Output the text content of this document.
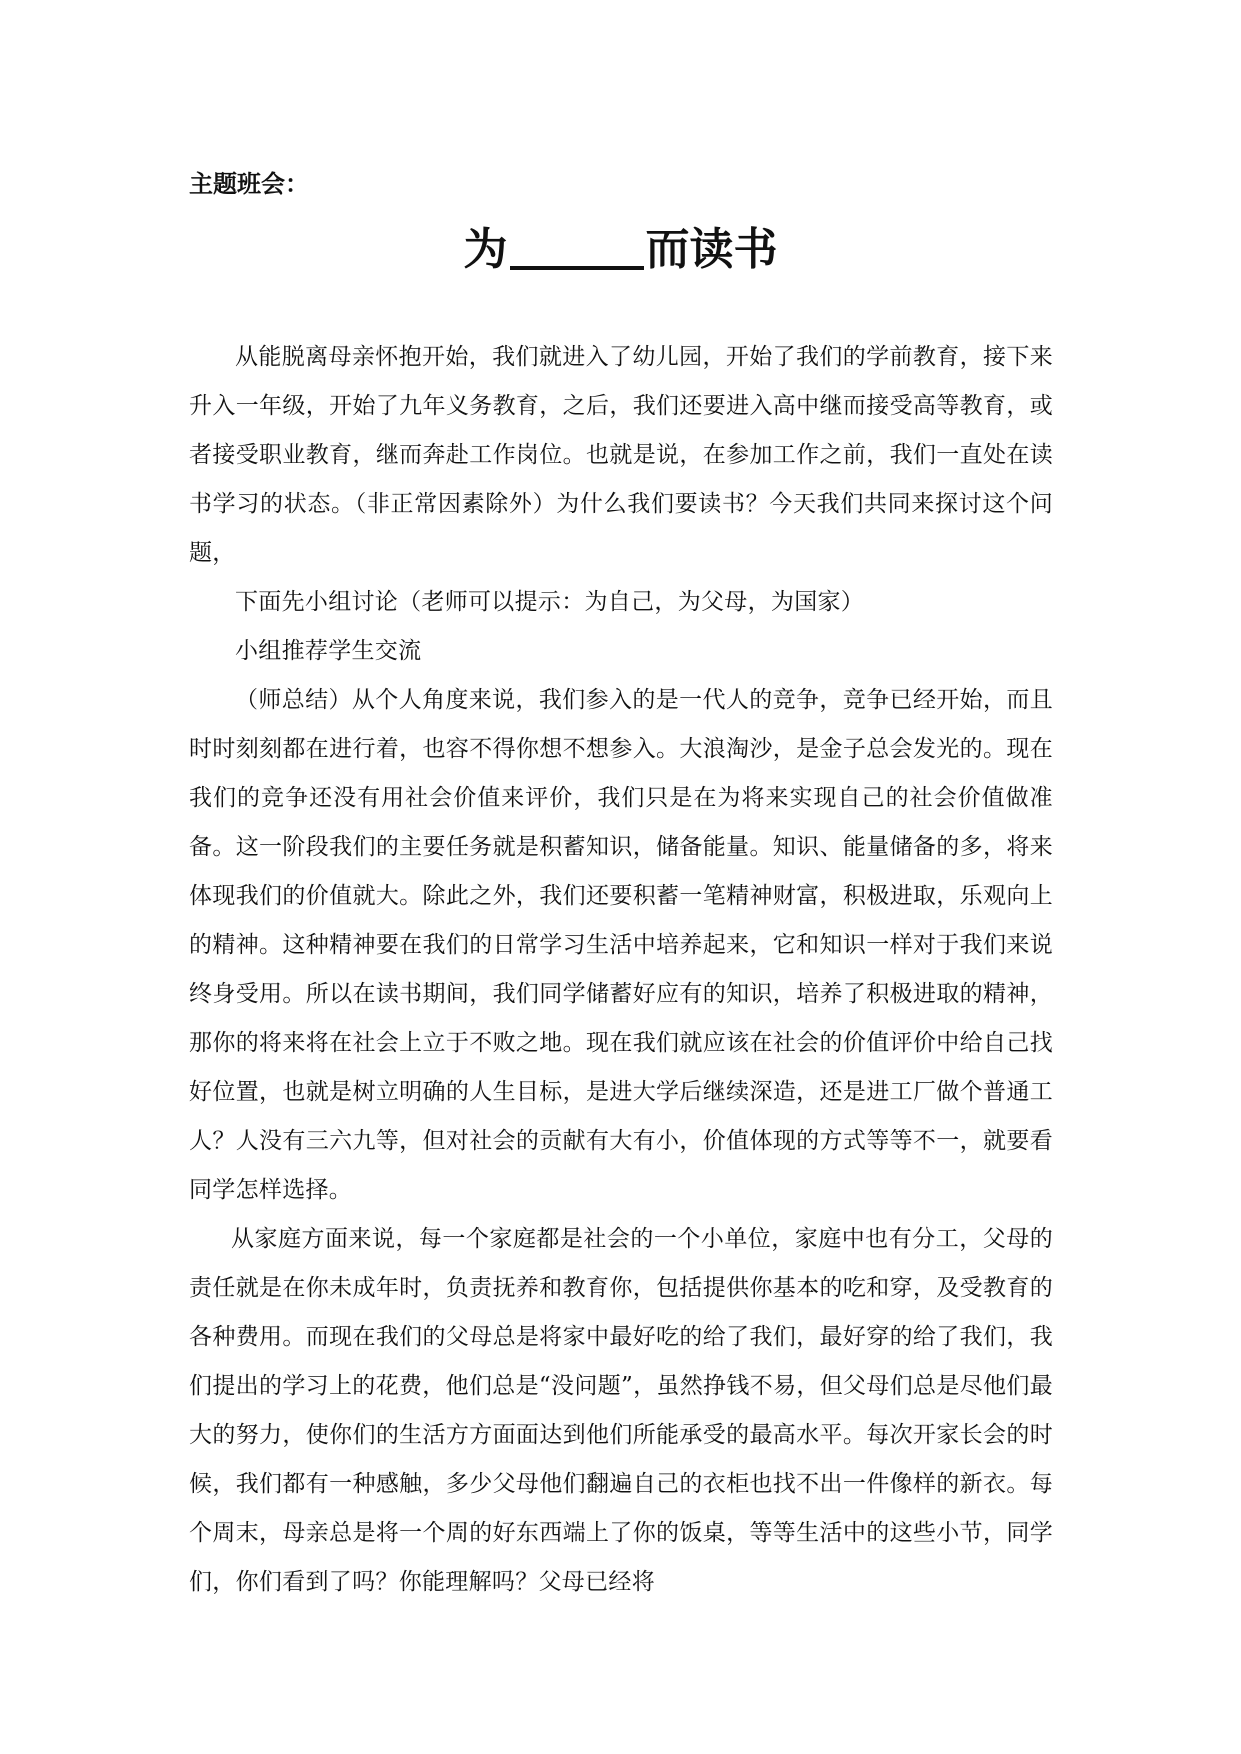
主题班会：
为	而读书

从能脱离母亲怀抱开始，我们就进入了幼儿园，开始了我们的学前教育，接下来升入一年级，开始了九年义务教育，之后，我们还要进入高中继而接受高等教育，或者接受职业教育，继而奔赴工作岗位。也就是说，在参加工作之前，我们一直处在读书学习的状态。（非正常因素除外）为什么我们要读书？今天我们共同来探讨这个问题，

下面先小组讨论（老师可以提示：为自己，为父母，为国家）

小组推荐学生交流

（师总结）从个人角度来说，我们参入的是一代人的竞争，竞争已经开始，而且时时刻刻都在进行着，也容不得你想不想参入。大浪淘沙，是金子总会发光的。现在我们的竞争还没有用社会价值来评价，我们只是在为将来实现自己的社会价值做准备。这一阶段我们的主要任务就是积蓄知识，储备能量。知识、能量储备的多，将来体现我们的价值就大。除此之外，我们还要积蓄一笔精神财富，积极进取，乐观向上的精神。这种精神要在我们的日常学习生活中培养起来，它和知识一样对于我们来说终身受用。所以在读书期间，我们同学储蓄好应有的知识，培养了积极进取的精神，那你的将来将在社会上立于不败之地。现在我们就应该在社会的价值评价中给自己找好位置，也就是树立明确的人生目标，是进大学后继续深造，还是进工厂做个普通工人？人没有三六九等，但对社会的贡献有大有小，价值体现的方式等等不一，就要看同学怎样选择。

从家庭方面来说，每一个家庭都是社会的一个小单位，家庭中也有分工，父母的责任就是在你未成年时，负责抚养和教育你，包括提供你基本的吃和穿，及受教育的各种费用。而现在我们的父母总是将家中最好吃的给了我们，最好穿的给了我们，我们提出的学习上的花费，他们总是“没问题”，虽然挣钱不易，但父母们总是尽他们最大的努力，使你们的生活方方面面达到他们所能承受的最高水平。每次开家长会的时候，我们都有一种感触，多少父母他们翻遍自己的衣柜也找不出一件像样的新衣。每个周末，母亲总是将一个周的好东西端上了你的饭桌，等等生活中的这些小节，同学们，你们看到了吗？你能理解吗？父母已经将
